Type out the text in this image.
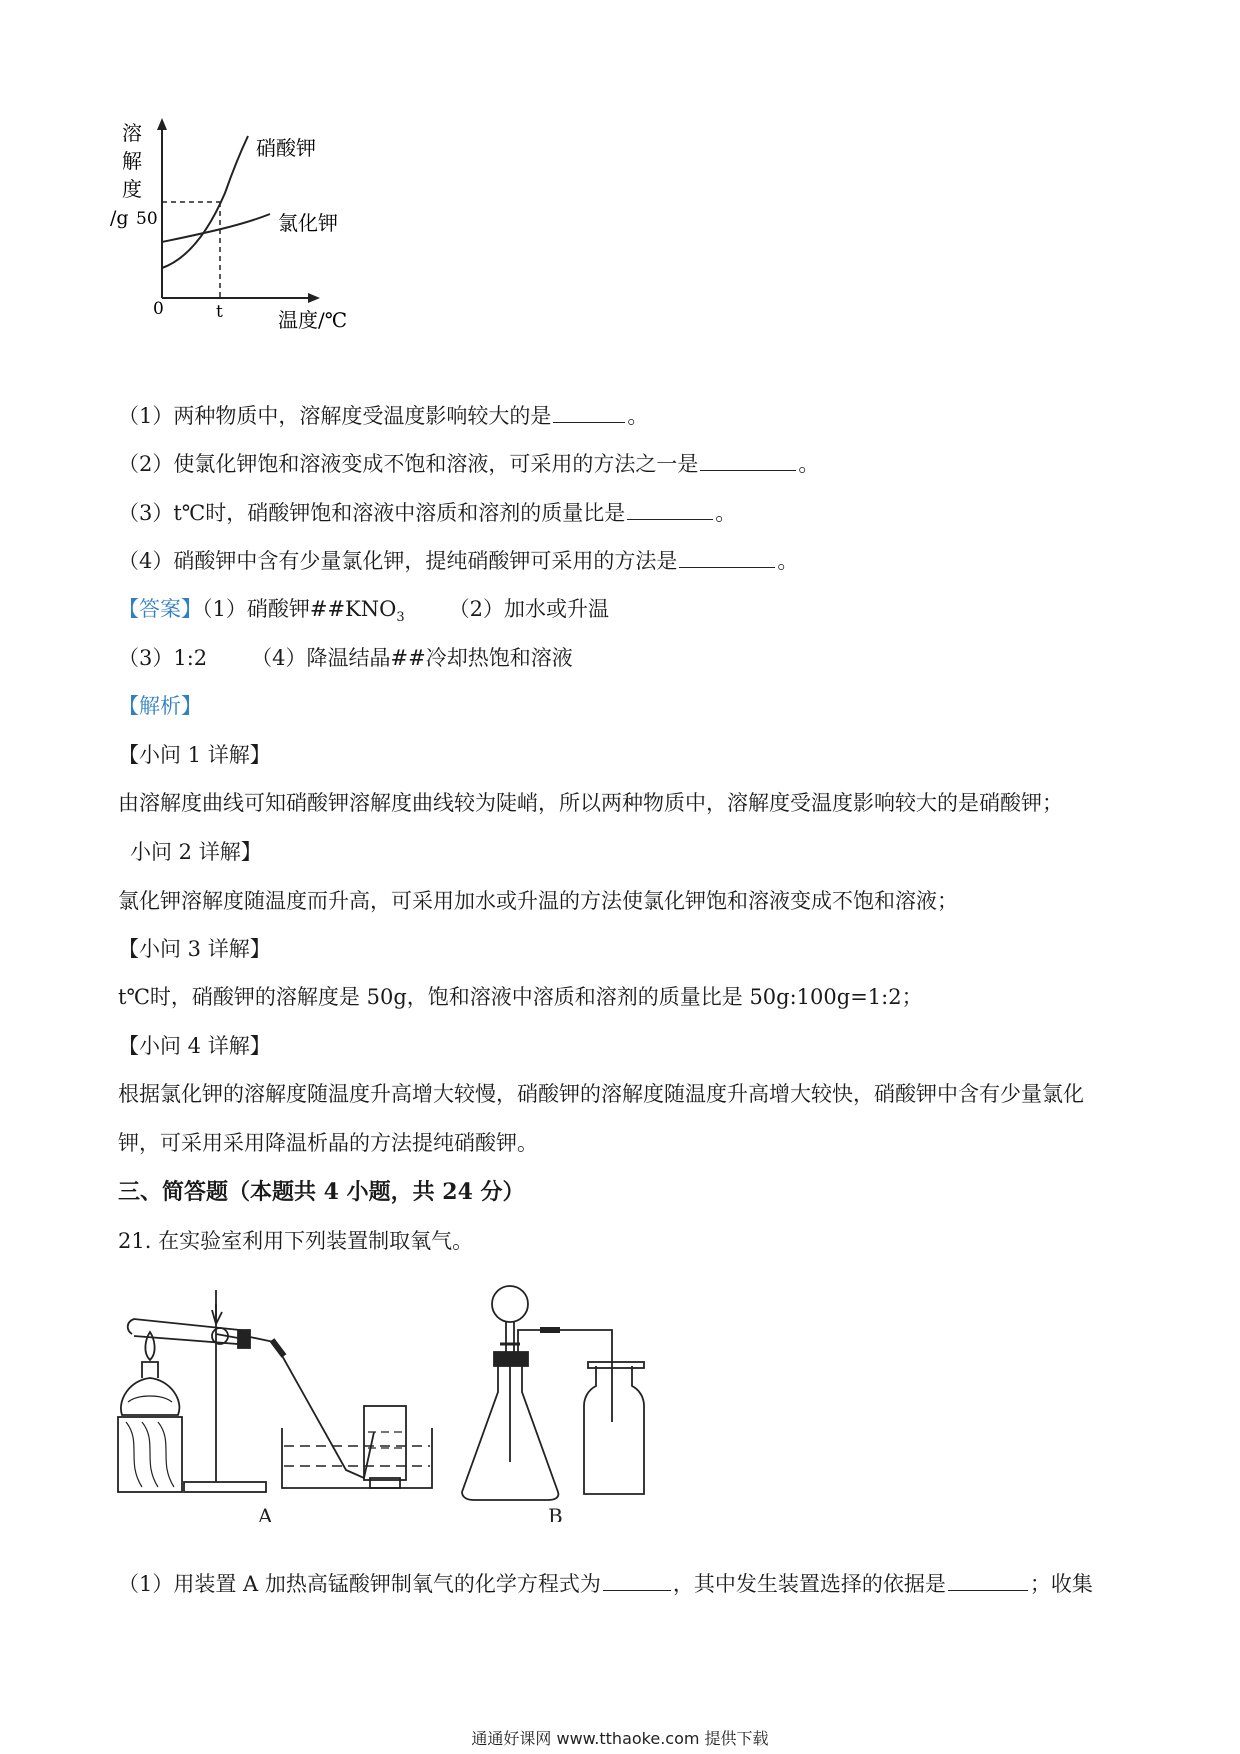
溶
解
度
/g 50
硝酸钾
氯化钾
0	t	温度/℃
（1）两种物质中，溶解度受温度影响较大的是	。
（2）使氯化钾饱和溶液变成不饱和溶液，可采用的方法之一是	。
（3）t℃时，硝酸钾饱和溶液中溶质和溶剂的质量比是	。
（4）硝酸钾中含有少量氯化钾，提纯硝酸钾可采用的方法是	。
【答案】（1）硝酸钾$\#\#KNO_3$ （2）加水或升温
（3）1:2 （4）降温结晶##冷却热饱和溶液
【解析】
【小问 1 详解】
由溶解度曲线可知硝酸钾溶解度曲线较为陡峭，所以两种物质中，溶解度受温度影响较大的是硝酸钾；
小问 2 详解】
氯化钾溶解度随温度而升高，可采用加水或升温的方法使氯化钾饱和溶液变成不饱和溶液；
【小问 3 详解】
t℃时，硝酸钾的溶解度是 50g，饱和溶液中溶质和溶剂的质量比是 50g:100g=1:2；
【小问 4 详解】
根据氯化钾的溶解度随温度升高增大较慢，硝酸钾的溶解度随温度升高增大较快，硝酸钾中含有少量氯化
钾，可采用采用降温析晶的方法提纯硝酸钾。
三、简答题（本题共 4 小题，共 24 分）
21. 在实验室利用下列装置制取氧气。
A	B
（1）用装置 A 加热高锰酸钾制氧气的化学方程式为	，其中发生装置选择的依据是	；收集
通通好课网 www.tthaoke.com 提供下载
